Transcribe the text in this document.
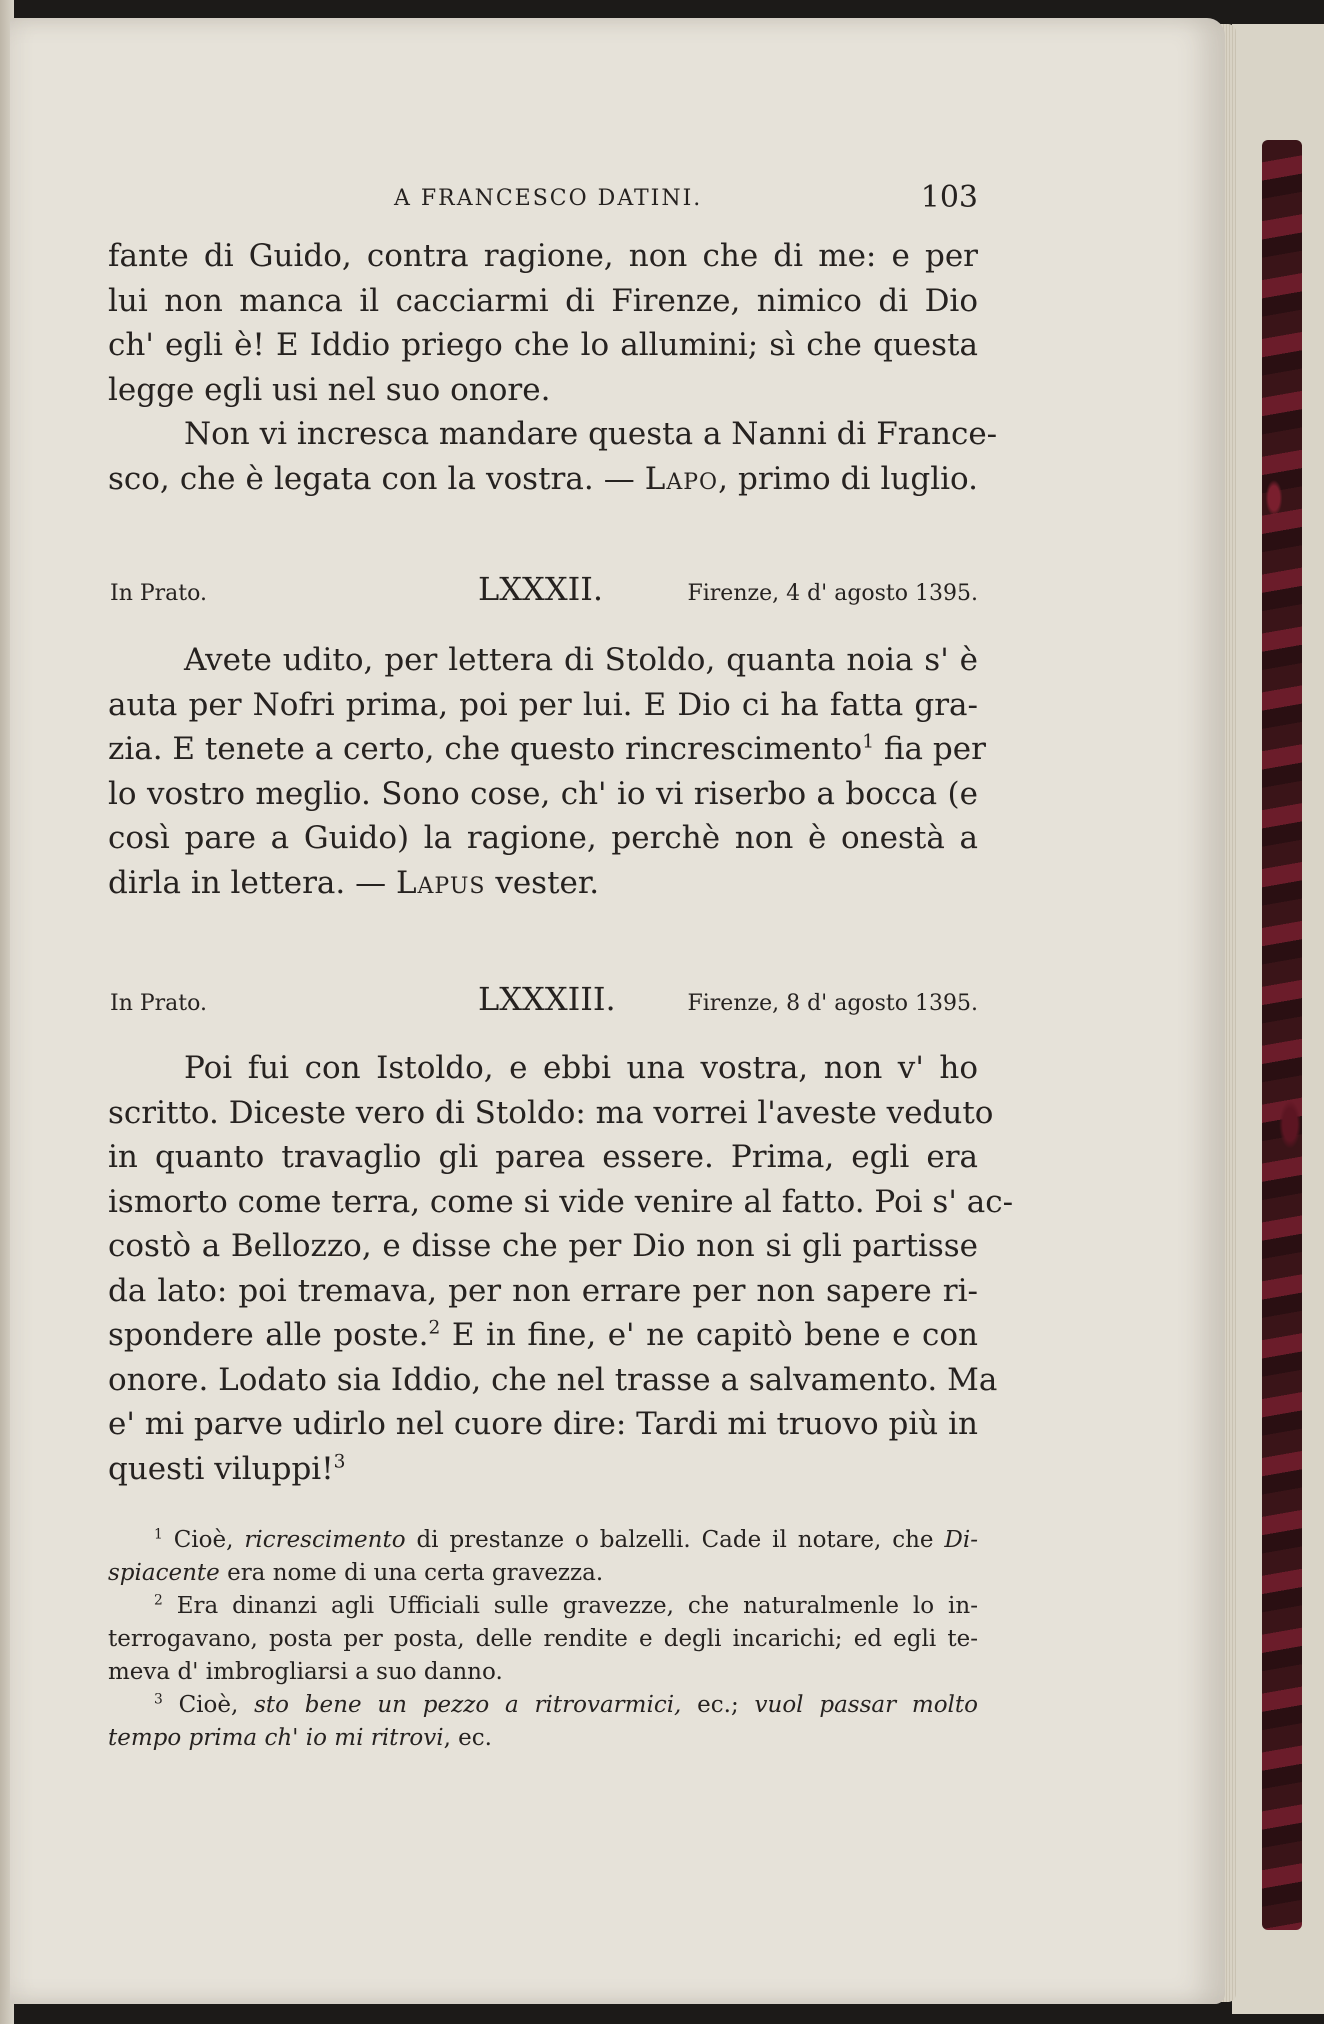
A FRANCESCO DATINI.	103
fante di Guido, contra ragione, non che di me: e per
lui non manca il cacciarmi di Firenze, nimico di Dio
ch' egli è! E Iddio priego che lo allumini; sì che questa
legge egli usi nel suo onore.
Non vi incresca mandare questa a Nanni di France-
sco, che è legata con la vostra. — Lapo, primo di luglio.
In Prato.	LXXXII.	Firenze, 4 d' agosto 1395.
Avete udito, per lettera di Stoldo, quanta noia s' è
auta per Nofri prima, poi per lui. E Dio ci ha fatta gra-
zia. E tenete a certo, che questo rincrescimento$^1$ fia per
lo vostro meglio. Sono cose, ch' io vi riserbo a bocca (e
così pare a Guido) la ragione, perchè non è onestà a
dirla in lettera. — Lapus vester.
In Prato.	LXXXIII.	Firenze, 8 d' agosto 1395.
Poi fui con Istoldo, e ebbi una vostra, non v' ho
scritto. Diceste vero di Stoldo: ma vorrei l'aveste veduto
in quanto travaglio gli parea essere. Prima, egli era
ismorto come terra, come si vide venire al fatto. Poi s' ac-
costò a Bellozzo, e disse che per Dio non si gli partisse
da lato: poi tremava, per non errare per non sapere ri-
spondere alle poste.$^2$ E in fine, e' ne capitò bene e con
onore. Lodato sia Iddio, che nel trasse a salvamento. Ma
e' mi parve udirlo nel cuore dire: Tardi mi truovo più in
questi viluppi!$^3$
$^1$ Cioè, ricrescimento di prestanze o balzelli. Cade il notare, che Di-
spiacente era nome di una certa gravezza.
$^2$ Era dinanzi agli Ufficiali sulle gravezze, che naturalmenle lo in-
terrogavano, posta per posta, delle rendite e degli incarichi; ed egli te-
meva d' imbrogliarsi a suo danno.
$^3$ Cioè, sto bene un pezzo a ritrovarmici, ec.; vuol passar molto
tempo prima ch' io mi ritrovi, ec.
